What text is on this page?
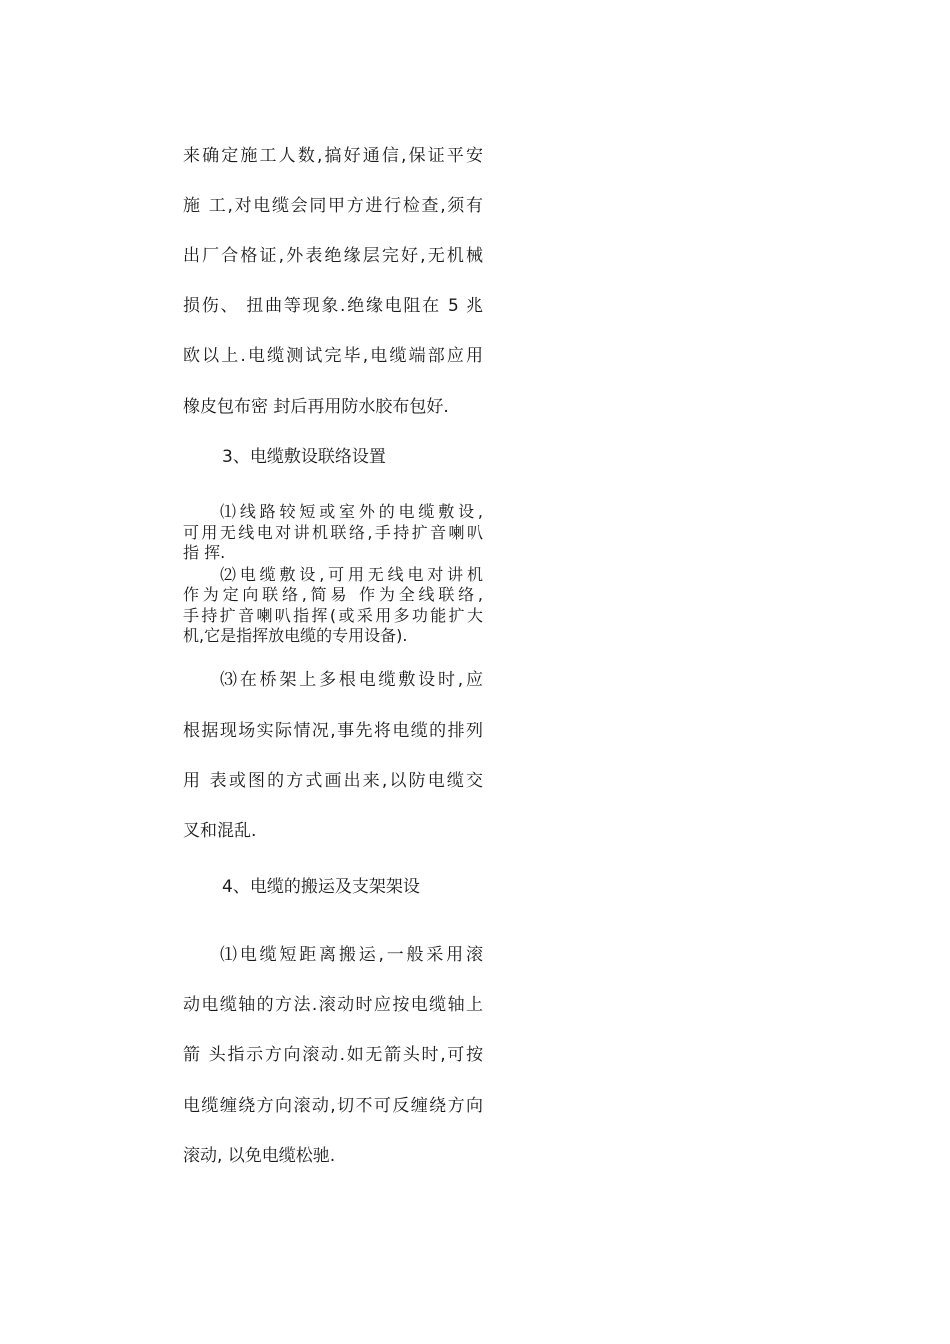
来确定施工人数,搞好通信,保证平安
施 工,对电缆会同甲方进行检查,须有
出厂合格证,外表绝缘层完好,无机械
损伤、 扭曲等现象.绝缘电阻在 5 兆
欧以上.电缆测试完毕,电缆端部应用
橡皮包布密 封后再用防水胶布包好.
3、电缆敷设联络设置
⑴线路较短或室外的电缆敷设,
可用无线电对讲机联络,手持扩音喇叭
指 挥.
⑵电缆敷设,可用无线电对讲机
作为定向联络,简易 作为全线联络,
手持扩音喇叭指挥(或采用多功能扩大
机,它是指挥放电缆的专用设备).
⑶在桥架上多根电缆敷设时,应
根据现场实际情况,事先将电缆的排列
用 表或图的方式画出来,以防电缆交
叉和混乱.
4、电缆的搬运及支架架设
⑴电缆短距离搬运,一般采用滚
动电缆轴的方法.滚动时应按电缆轴上
箭 头指示方向滚动.如无箭头时,可按
电缆缠绕方向滚动,切不可反缠绕方向
滚动, 以免电缆松驰.
